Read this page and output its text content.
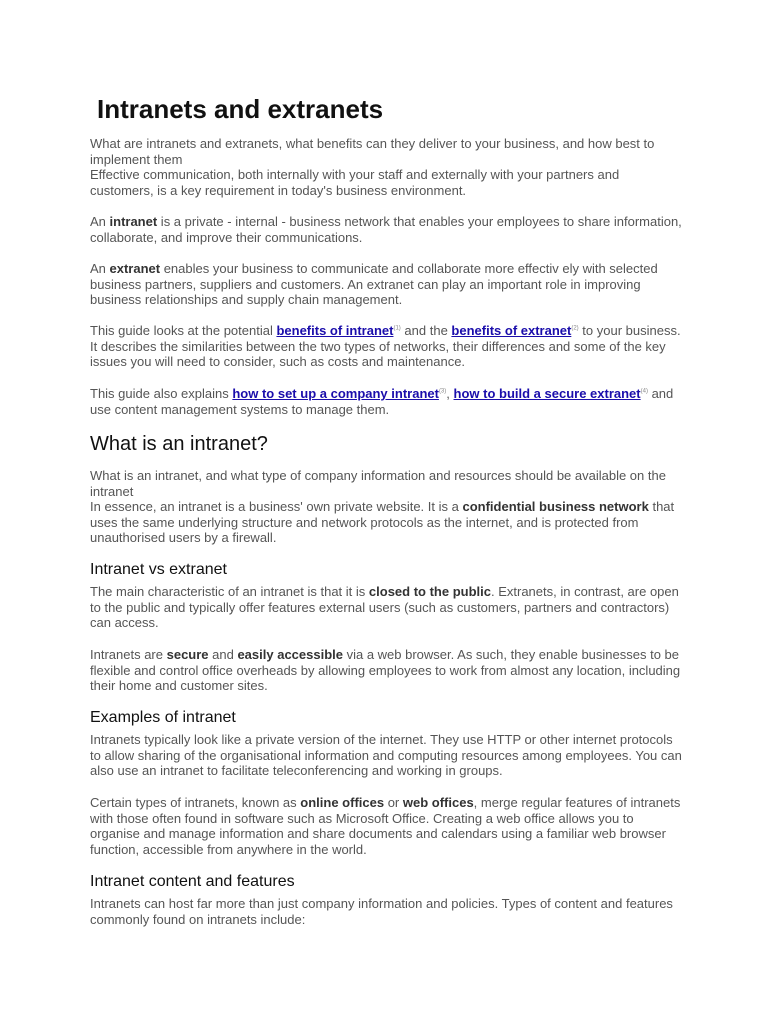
Intranets and extranets
What are intranets and extranets, what benefits can they deliver to your business, and how best to
implement them
Effective communication, both internally with your staff and externally with your partners and
customers, is a key requirement in today's business environment.
An intranet is a private - internal - business network that enables your employees to share information, collaborate, and improve their communications.
An extranet enables your business to communicate and collaborate more effectiv ely with selected business partners, suppliers and customers. An extranet can play an important role in improving business relationships and supply chain management.
This guide looks at the potential benefits of intranet$^{(1)}$ and the benefits of extranet$^{(2)}$ to your business. It describes the similarities between the two types of networks, their differences and some of the key issues you will need to consider, such as costs and maintenance.
This guide also explains how to set up a company intranet$^{(3)}$, how to build a secure extranet$^{(4)}$ and use content management systems to manage them.
What is an intranet?
What is an intranet, and what type of company information and resources should be available on the
intranet
In essence, an intranet is a business' own private website. It is a confidential business network that uses the same underlying structure and network protocols as the internet, and is protected from unauthorised users by a firewall.
Intranet vs extranet
The main characteristic of an intranet is that it is closed to the public. Extranets, in contrast, are open to the public and typically offer features external users (such as customers, partners and contractors) can access.
Intranets are secure and easily accessible via a web browser. As such, they enable businesses to be flexible and control office overheads by allowing employees to work from almost any location, including their home and customer sites.
Examples of intranet
Intranets typically look like a private version of the internet. They use HTTP or other internet protocols to allow sharing of the organisational information and computing resources among employees. You can also use an intranet to facilitate teleconferencing and working in groups.
Certain types of intranets, known as online offices or web offices, merge regular features of intranets with those often found in software such as Microsoft Office. Creating a web office allows you to organise and manage information and share documents and calendars using a familiar web browser function, accessible from anywhere in the world.
Intranet content and features
Intranets can host far more than just company information and policies. Types of content and features commonly found on intranets include:
